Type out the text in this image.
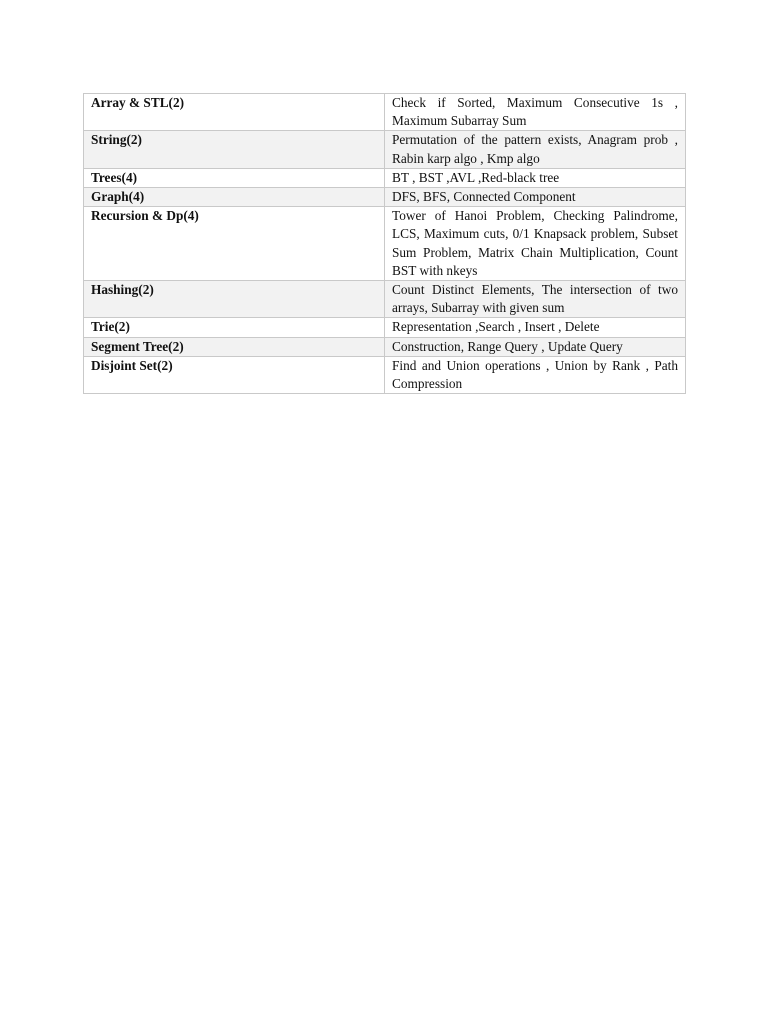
Array & STL(2)	Check if Sorted, Maximum Consecutive 1s , Maximum Subarray Sum
String(2)	Permutation of the pattern exists, Anagram prob , Rabin karp algo , Kmp algo
Trees(4)	BT , BST ,AVL ,Red-black tree
Graph(4)	DFS, BFS, Connected Component
Recursion & Dp(4)	Tower of Hanoi Problem, Checking Palindrome, LCS, Maximum cuts, 0/1 Knapsack problem, Subset Sum Problem, Matrix Chain Multiplication, Count BST with nkeys
Hashing(2)	Count Distinct Elements, The intersection of two arrays, Subarray with given sum
Trie(2)	Representation ,Search , Insert , Delete
Segment Tree(2)	Construction, Range Query , Update Query
Disjoint Set(2)	Find and Union operations , Union by Rank , Path Compression
